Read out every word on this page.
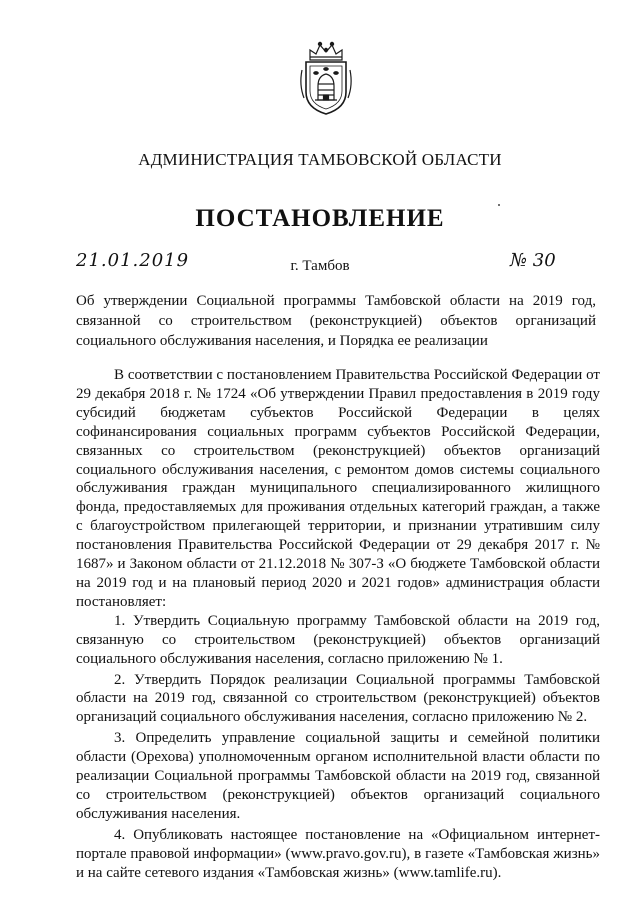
АДМИНИСТРАЦИЯ ТАМБОВСКОЙ ОБЛАСТИ
ПОСТАНОВЛЕНИЕ
21.01.2019	г. Тамбов	№ 30
Об утверждении Социальной программы Тамбовской области на 2019 год, связанной со строительством (реконструкцией) объектов организаций социального обслуживания населения, и Порядка ее реализации

В соответствии с постановлением Правительства Российской Федерации от 29 декабря 2018 г. № 1724 «Об утверждении Правил предоставления в 2019 году субсидий бюджетам субъектов Российской Федерации в целях софинансирования социальных программ субъектов Российской Федерации, связанных со строительством (реконструкцией) объектов организаций социального обслуживания населения, с ремонтом домов системы социального обслуживания граждан муниципального специализированного жилищного фонда, предоставляемых для проживания отдельных категорий граждан, а также с благоустройством прилегающей территории, и признании утратившим силу постановления Правительства Российской Федерации от 29 декабря 2017 г. № 1687» и Законом области от 21.12.2018 № 307-З «О бюджете Тамбовской области на 2019 год и на плановый период 2020 и 2021 годов» администрация области постановляет:

1. Утвердить Социальную программу Тамбовской области на 2019 год, связанную со строительством (реконструкцией) объектов организаций социального обслуживания населения, согласно приложению № 1.

2. Утвердить Порядок реализации Социальной программы Тамбовской области на 2019 год, связанной со строительством (реконструкцией) объектов организаций социального обслуживания населения, согласно приложению № 2.

3. Определить управление социальной защиты и семейной политики области (Орехова) уполномоченным органом исполнительной власти области по реализации Социальной программы Тамбовской области на 2019 год, связанной со строительством (реконструкцией) объектов организаций социального обслуживания населения.

4. Опубликовать настоящее постановление на «Официальном интернет-портале правовой информации» (www.pravo.gov.ru), в газете «Тамбовская жизнь» и на сайте сетевого издания «Тамбовская жизнь» (www.tamlife.ru).
